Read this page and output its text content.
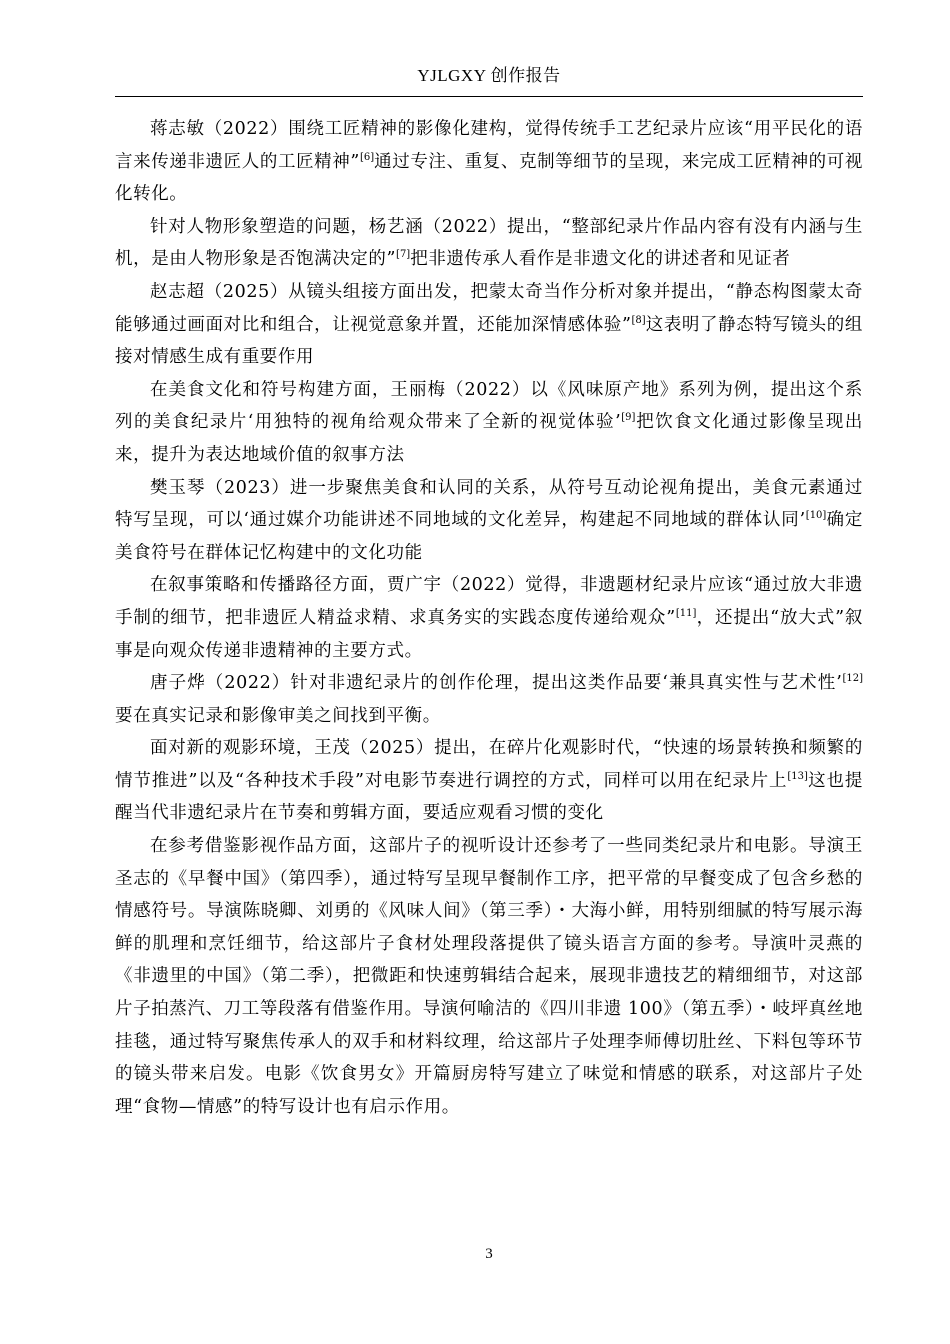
YJLGXY 创作报告

蒋志敏（2022）围绕工匠精神的影像化建构，觉得传统手工艺纪录片应该“用平民化的语言来传递非遗匠人的工匠精神”[6]通过专注、重复、克制等细节的呈现，来完成工匠精神的可视化转化。

针对人物形象塑造的问题，杨艺涵（2022）提出，“整部纪录片作品内容有没有内涵与生机，是由人物形象是否饱满决定的”[7]把非遗传承人看作是非遗文化的讲述者和见证者

赵志超（2025）从镜头组接方面出发，把蒙太奇当作分析对象并提出，“静态构图蒙太奇能够通过画面对比和组合，让视觉意象并置，还能加深情感体验”[8]这表明了静态特写镜头的组接对情感生成有重要作用

在美食文化和符号构建方面，王丽梅（2022）以《风味原产地》系列为例，提出这个系列的美食纪录片‘用独特的视角给观众带来了全新的视觉体验’[9]把饮食文化通过影像呈现出来，提升为表达地域价值的叙事方法

樊玉琴（2023）进一步聚焦美食和认同的关系，从符号互动论视角提出，美食元素通过特写呈现，可以‘通过媒介功能讲述不同地域的文化差异，构建起不同地域的群体认同’[10]确定美食符号在群体记忆构建中的文化功能

在叙事策略和传播路径方面，贾广宇（2022）觉得，非遗题材纪录片应该“通过放大非遗手制的细节，把非遗匠人精益求精、求真务实的实践态度传递给观众”[11]，还提出“放大式”叙事是向观众传递非遗精神的主要方式。

唐子烨（2022）针对非遗纪录片的创作伦理，提出这类作品要‘兼具真实性与艺术性’[12]要在真实记录和影像审美之间找到平衡。

面对新的观影环境，王茂（2025）提出，在碎片化观影时代，“快速的场景转换和频繁的情节推进”以及“各种技术手段”对电影节奏进行调控的方式，同样可以用在纪录片上[13]这也提醒当代非遗纪录片在节奏和剪辑方面，要适应观看习惯的变化

在参考借鉴影视作品方面，这部片子的视听设计还参考了一些同类纪录片和电影。导演王圣志的《早餐中国》（第四季），通过特写呈现早餐制作工序，把平常的早餐变成了包含乡愁的情感符号。导演陈晓卿、刘勇的《风味人间》（第三季）・大海小鲜，用特别细腻的特写展示海鲜的肌理和烹饪细节，给这部片子食材处理段落提供了镜头语言方面的参考。导演叶灵燕的《非遗里的中国》（第二季），把微距和快速剪辑结合起来，展现非遗技艺的精细细节，对这部片子拍蒸汽、刀工等段落有借鉴作用。导演何喻洁的《四川非遗 100》（第五季）・岐坪真丝地挂毯，通过特写聚焦传承人的双手和材料纹理，给这部片子处理李师傅切肚丝、下料包等环节的镜头带来启发。电影《饮食男女》开篇厨房特写建立了味觉和情感的联系，对这部片子处理“食物—情感”的特写设计也有启示作用。

3
